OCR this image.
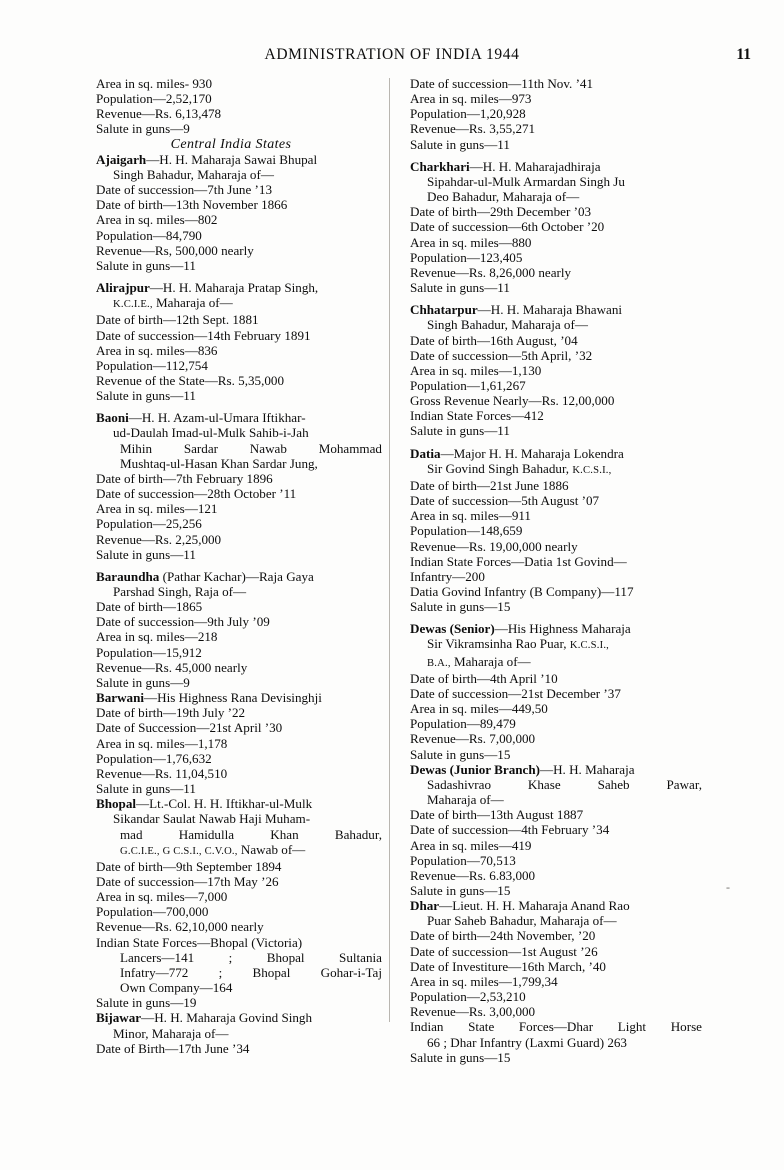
ADMINISTRATION OF INDIA 1944	11
Area in sq. miles- 930
Population—2,52,170
Revenue—Rs. 6,13,478
Salute in guns—9
Central India States
Ajaigarh—H. H. Maharaja Sawai Bhupal
Singh Bahadur, Maharaja of—
Date of succession—7th June ’13
Date of birth—13th November 1866
Area in sq. miles—802
Population—84,790
Revenue—Rs, 500,000 nearly
Salute in guns—11
Alirajpur—H. H. Maharaja Pratap Singh,
K.C.I.E., Maharaja of—
Date of birth—12th Sept. 1881
Date of succession—14th February 1891
Area in sq. miles—836
Population—112,754
Revenue of the State—Rs. 5,35,000
Salute in guns—11
Baoni—H. H. Azam-ul-Umara Iftikhar-
ud-Daulah Imad-ul-Mulk Sahib-i-Jah
Mihin Sardar Nawab Mohammad
Mushtaq-ul-Hasan Khan Sardar Jung,
Date of birth—7th February 1896
Date of succession—28th October ’11
Area in sq. miles—121
Population—25,256
Revenue—Rs. 2,25,000
Salute in guns—11
Baraundha (Pathar Kachar)—Raja Gaya
Parshad Singh, Raja of—
Date of birth—1865
Date of succession—9th July ’09
Area in sq. miles—218
Population—15,912
Revenue—Rs. 45,000 nearly
Salute in guns—9
Barwani—His Highness Rana Devisinghji
Date of birth—19th July ’22
Date of Succession—21st April ’30
Area in sq. miles—1,178
Population—1,76,632
Revenue—Rs. 11,04,510
Salute in guns—11
Bhopal—Lt.-Col. H. H. Iftikhar-ul-Mulk
Sikandar Saulat Nawab Haji Muham-
mad	Hamidulla	Khan	Bahadur,
G.C.I.E., G C.S.I., C.V.O., Nawab of—
Date of birth—9th September 1894
Date of succession—17th May ’26
Area in sq. miles—7,000
Population—700,000
Revenue—Rs. 62,10,000 nearly
Indian State Forces—Bhopal (Victoria)
Lancers—141	;	Bhopal	Sultania
Infatry—772 ; Bhopal Gohar-i-Taj
Own Company—164
Salute in guns—19
Bijawar—H. H. Maharaja Govind Singh
Minor, Maharaja of—
Date of Birth—17th June ’34
Date of succession—11th Nov. ’41
Area in sq. miles—973
Population—1,20,928
Revenue—Rs. 3,55,271
Salute in guns—11
Charkhari—H. H. Maharajadhiraja
Sipahdar-ul-Mulk Armardan Singh Ju
Deo Bahadur, Maharaja of—
Date of birth—29th December ’03
Date of succession—6th October ’20
Area in sq. miles—880
Population—123,405
Revenue—Rs. 8,26,000 nearly
Salute in guns—11
Chhatarpur—H. H. Maharaja Bhawani
Singh Bahadur, Maharaja of—
Date of birth—16th August, ’04
Date of succession—5th April, ’32
Area in sq. miles—1,130
Population—1,61,267
Gross Revenue Nearly—Rs. 12,00,000
Indian State Forces—412
Salute in guns—11
Datia—Major H. H. Maharaja Lokendra
Sir Govind Singh Bahadur, K.C.S.I.,
Date of birth—21st June 1886
Date of succession—5th August ’07
Area in sq. miles—911
Population—148,659
Revenue—Rs. 19,00,000 nearly
Indian State Forces—Datia 1st Govind—
Infantry—200
Datia Govind Infantry (B Company)—117
Salute in guns—15
Dewas (Senior)—His Highness Maharaja
Sir Vikramsinha Rao Puar, K.C.S.I.,
B.A., Maharaja of—
Date of birth—4th April ’10
Date of succession—21st December ’37
Area in sq. miles—449,50
Population—89,479
Revenue—Rs. 7,00,000
Salute in guns—15
Dewas (Junior Branch)—H. H. Maharaja
Sadashivrao	Khase	Saheb	Pawar,
Maharaja of—
Date of birth—13th August 1887
Date of succession—4th February ’34
Area in sq. miles—419
Population—70,513
Revenue—Rs. 6.83,000
Salute in guns—15
Dhar—Lieut. H. H. Maharaja Anand Rao
Puar Saheb Bahadur, Maharaja of—
Date of birth—24th November, ’20
Date of succession—1st August ’26
Date of Investiture—16th March, ’40
Area in sq. miles—1,799,34
Population—2,53,210
Revenue—Rs. 3,00,000
Indian State Forces—Dhar Light Horse
66 ; Dhar Infantry (Laxmi Guard) 263
Salute in guns—15
-
